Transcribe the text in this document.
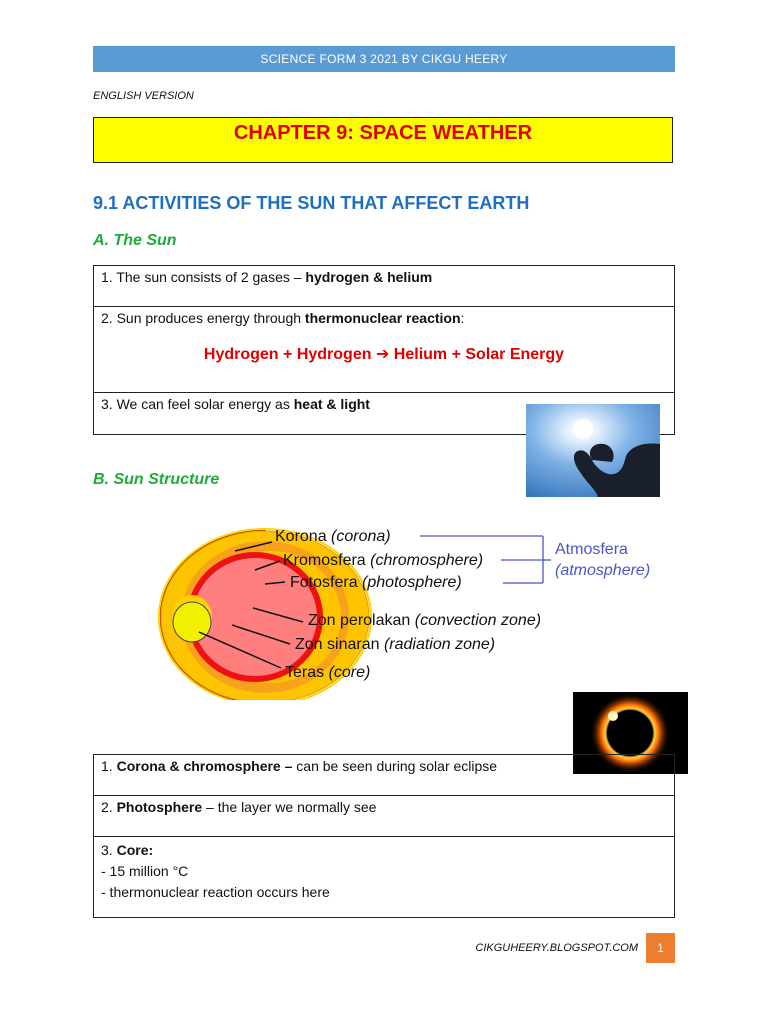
SCIENCE FORM 3 2021 BY CIKGU HEERY
ENGLISH VERSION
CHAPTER 9: SPACE WEATHER
9.1 ACTIVITIES OF THE SUN THAT AFFECT EARTH
A. The Sun
1. The sun consists of 2 gases – hydrogen & helium
2. Sun produces energy through thermonuclear reaction:
Hydrogen + Hydrogen ➔ Helium + Solar Energy

3. We can feel solar energy as heat & light
B. Sun Structure
Korona (corona)
Kromosfera (chromosphere)
Fotosfera (photosphere)
Zon perolakan (convection zone)
Zon sinaran (radiation zone)
Teras (core)
Atmosfera
(atmosphere)
1. Corona & chromosphere – can be seen during solar eclipse
2. Photosphere – the layer we normally see
3. Core:
- 15 million °C
- thermonuclear reaction occurs here
CIKGUHEERY.BLOGSPOT.COM	1
